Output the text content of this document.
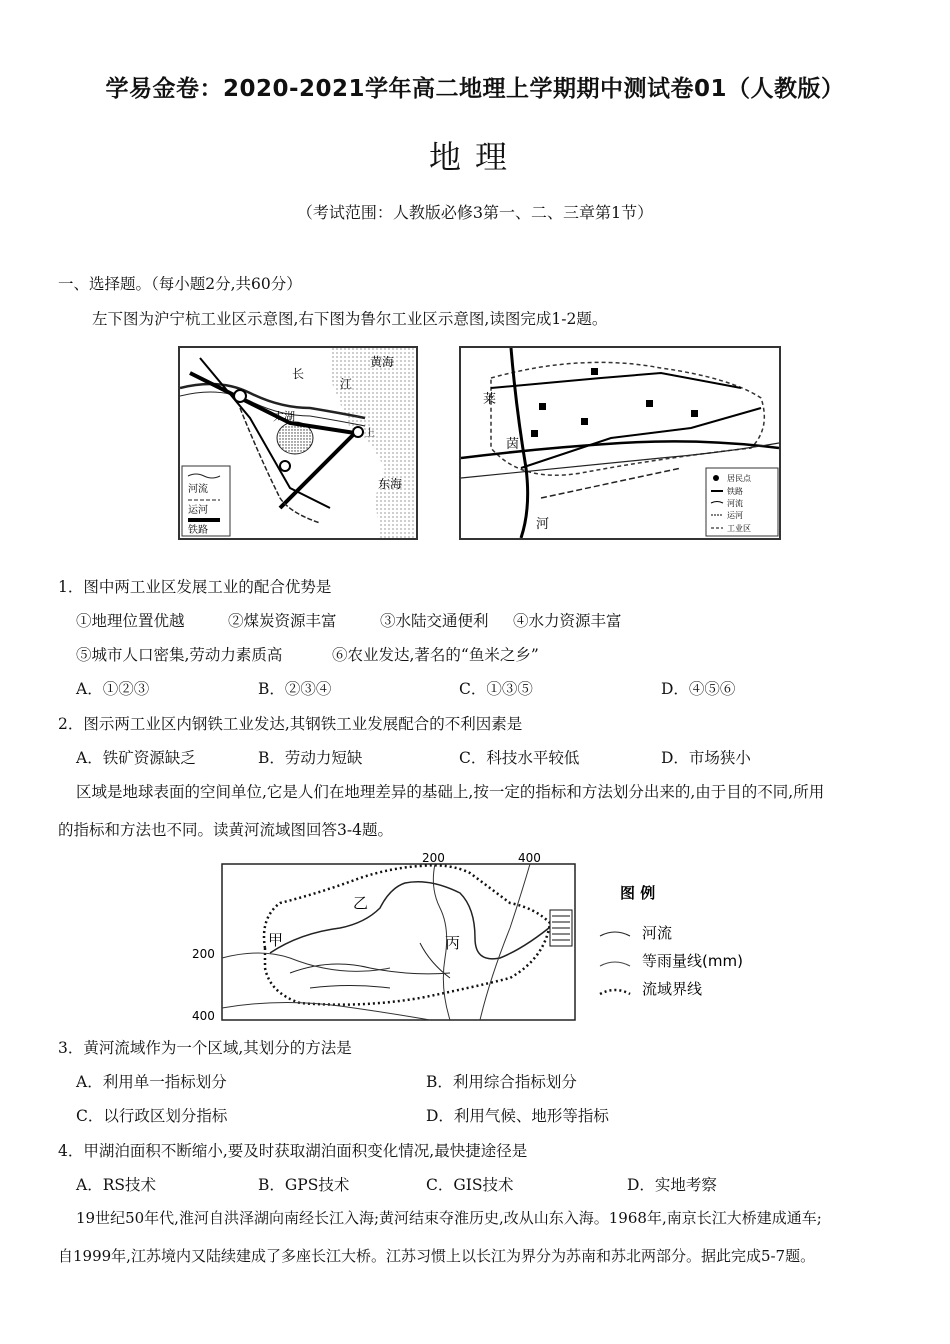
学易金卷：2020-2021学年高二地理上学期期中测试卷01（人教版）
地理
（考试范围：人教版必修3第一、二、三章第1节）
一、选择题。（每小题2分,共60分）
左下图为沪宁杭工业区示意图,右下图为鲁尔工业区示意图,读图完成1-2题。
黄海
长
江
太湖
上
东海
河流
运河
铁路
莱
茵
河
居民点
铁路
河流
运河
工业区
1．图中两工业区发展工业的配合优势是
①地理位置优越	②煤炭资源丰富	③水陆交通便利 ④水力资源丰富
⑤城市人口密集,劳动力素质高	⑥农业发达,著名的“鱼米之乡”
A．①②③	B．②③④	C．①③⑤	D．④⑤⑥
2．图示两工业区内钢铁工业发达,其钢铁工业发展配合的不利因素是
A．铁矿资源缺乏	B．劳动力短缺	C．科技水平较低	D．市场狭小
区域是地球表面的空间单位,它是人们在地理差异的基础上,按一定的指标和方法划分出来的,由于目的不同,所用
的指标和方法也不同。读黄河流域图回答3-4题。
200	400
200
400
乙
甲	丙
图 例
河流
等雨量线(mm)
流域界线
3．黄河流域作为一个区域,其划分的方法是
A．利用单一指标划分	B．利用综合指标划分
C．以行政区划分指标	D．利用气候、地形等指标
4．甲湖泊面积不断缩小,要及时获取湖泊面积变化情况,最快捷途径是
A．RS技术	B．GPS技术	C．GIS技术	D．实地考察
19世纪50年代,淮河自洪泽湖向南经长江入海;黄河结束夺淮历史,改从山东入海。1968年,南京长江大桥建成通车;
自1999年,江苏境内又陆续建成了多座长江大桥。江苏习惯上以长江为界分为苏南和苏北两部分。据此完成5-7题。
